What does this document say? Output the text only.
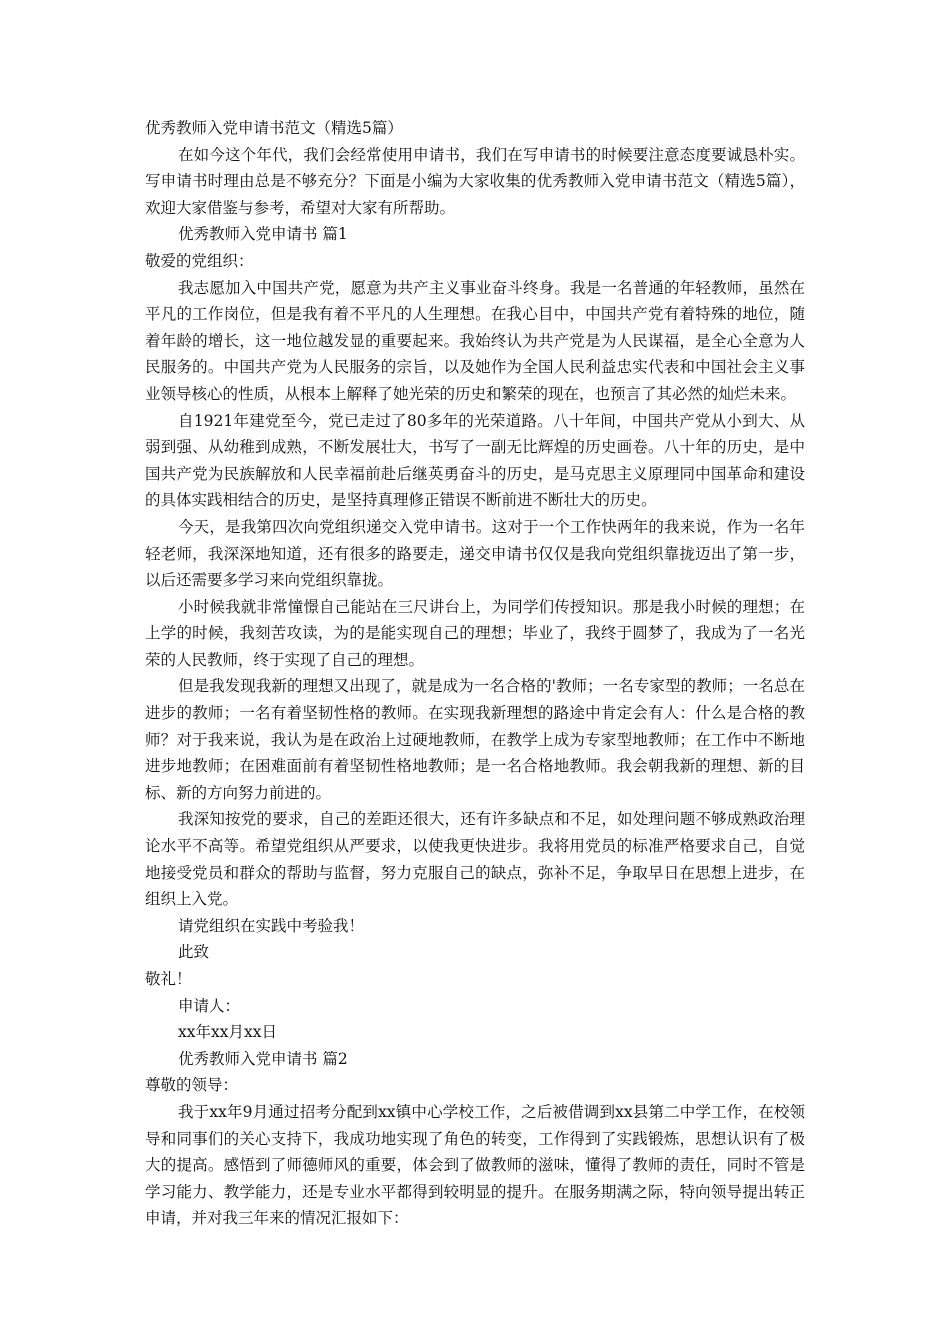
优秀教师入党申请书范文（精选5篇）

在如今这个年代，我们会经常使用申请书，我们在写申请书的时候要注意态度要诚恳朴实。写申请书时理由总是不够充分？下面是小编为大家收集的优秀教师入党申请书范文（精选5篇），欢迎大家借鉴与参考，希望对大家有所帮助。

优秀教师入党申请书 篇1

敬爱的党组织：

我志愿加入中国共产党，愿意为共产主义事业奋斗终身。我是一名普通的年轻教师，虽然在平凡的工作岗位，但是我有着不平凡的人生理想。在我心目中，中国共产党有着特殊的地位，随着年龄的增长，这一地位越发显的重要起来。我始终认为共产党是为人民谋福，是全心全意为人民服务的。中国共产党为人民服务的宗旨，以及她作为全国人民利益忠实代表和中国社会主义事业领导核心的性质，从根本上解释了她光荣的历史和繁荣的现在，也预言了其必然的灿烂未来。

自1921年建党至今，党已走过了80多年的光荣道路。八十年间，中国共产党从小到大、从弱到强、从幼稚到成熟，不断发展壮大，书写了一副无比辉煌的历史画卷。八十年的历史，是中国共产党为民族解放和人民幸福前赴后继英勇奋斗的历史，是马克思主义原理同中国革命和建设的具体实践相结合的历史，是坚持真理修正错误不断前进不断壮大的历史。

今天，是我第四次向党组织递交入党申请书。这对于一个工作快两年的我来说，作为一名年轻老师，我深深地知道，还有很多的路要走，递交申请书仅仅是我向党组织靠拢迈出了第一步，以后还需要多学习来向党组织靠拢。

小时候我就非常憧憬自己能站在三尺讲台上，为同学们传授知识。那是我小时候的理想；在上学的时候，我刻苦攻读，为的是能实现自己的理想；毕业了，我终于圆梦了，我成为了一名光荣的人民教师，终于实现了自己的理想。

但是我发现我新的理想又出现了，就是成为一名合格的'教师；一名专家型的教师；一名总在进步的教师；一名有着坚韧性格的教师。在实现我新理想的路途中肯定会有人：什么是合格的教师？对于我来说，我认为是在政治上过硬地教师，在教学上成为专家型地教师；在工作中不断地进步地教师；在困难面前有着坚韧性格地教师；是一名合格地教师。我会朝我新的理想、新的目标、新的方向努力前进的。

我深知按党的要求，自己的差距还很大，还有许多缺点和不足，如处理问题不够成熟政治理论水平不高等。希望党组织从严要求，以使我更快进步。我将用党员的标准严格要求自己，自觉地接受党员和群众的帮助与监督，努力克服自己的缺点，弥补不足，争取早日在思想上进步，在组织上入党。

请党组织在实践中考验我！

此致

敬礼！

申请人：

xx年xx月xx日

优秀教师入党申请书 篇2

尊敬的领导：

我于xx年9月通过招考分配到xx镇中心学校工作，之后被借调到xx县第二中学工作，在校领导和同事们的关心支持下，我成功地实现了角色的转变，工作得到了实践锻炼，思想认识有了极大的提高。感悟到了师德师风的重要，体会到了做教师的滋味，懂得了教师的责任，同时不管是学习能力、教学能力，还是专业水平都得到较明显的提升。在服务期满之际，特向领导提出转正申请，并对我三年来的情况汇报如下：
